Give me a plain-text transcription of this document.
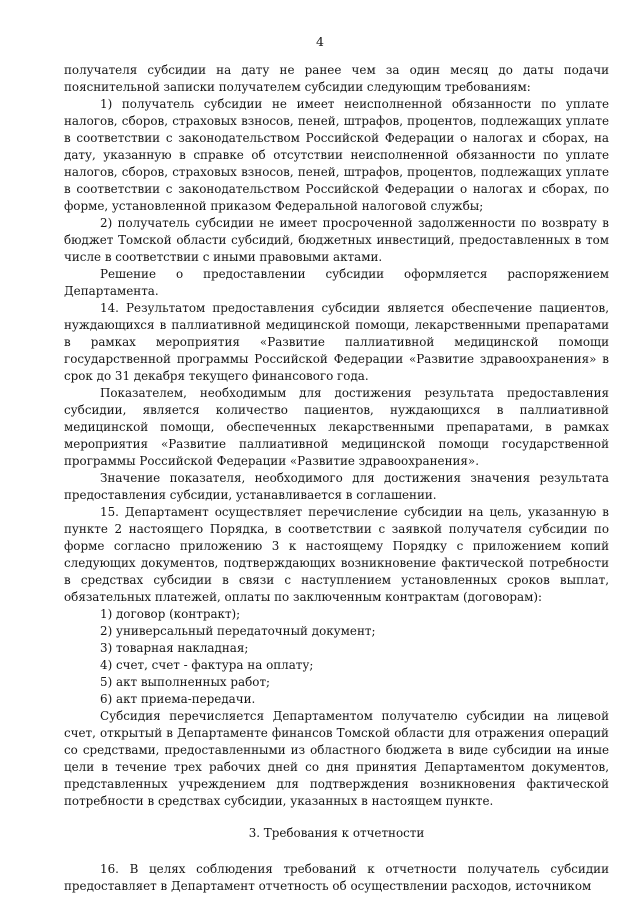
4

получателя субсидии на дату не ранее чем за один месяц до даты подачи пояснительной записки получателем субсидии следующим требованиям:

1) получатель субсидии не имеет неисполненной обязанности по уплате налогов, сборов, страховых взносов, пеней, штрафов, процентов, подлежащих уплате в соответствии с законодательством Российской Федерации о налогах и сборах, на дату, указанную в справке об отсутствии неисполненной обязанности по уплате налогов, сборов, страховых взносов, пеней, штрафов, процентов, подлежащих уплате в соответствии с законодательством Российской Федерации о налогах и сборах, по форме, установленной приказом Федеральной налоговой службы;

2) получатель субсидии не имеет просроченной задолженности по возврату в бюджет Томской области субсидий, бюджетных инвестиций, предоставленных в том числе в соответствии с иными правовыми актами.

Решение о предоставлении субсидии оформляется распоряжением Департамента.

14. Результатом предоставления субсидии является обеспечение пациентов, нуждающихся в паллиативной медицинской помощи, лекарственными препаратами в рамках мероприятия «Развитие паллиативной медицинской помощи государственной программы Российской Федерации «Развитие здравоохранения» в срок до 31 декабря текущего финансового года.

Показателем, необходимым для достижения результата предоставления субсидии, является количество пациентов, нуждающихся в паллиативной медицинской помощи, обеспеченных лекарственными препаратами, в рамках мероприятия «Развитие паллиативной медицинской помощи государственной программы Российской Федерации «Развитие здравоохранения».

Значение показателя, необходимого для достижения значения результата предоставления субсидии, устанавливается в соглашении.

15. Департамент осуществляет перечисление субсидии на цель, указанную в пункте 2 настоящего Порядка, в соответствии с заявкой получателя субсидии по форме согласно приложению 3 к настоящему Порядку с приложением копий следующих документов, подтверждающих возникновение фактической потребности в средствах субсидии в связи с наступлением установленных сроков выплат, обязательных платежей, оплаты по заключенным контрактам (договорам):

1) договор (контракт);

2) универсальный передаточный документ;

3) товарная накладная;

4) счет, счет - фактура на оплату;

5) акт выполненных работ;

6) акт приема-передачи.

Субсидия перечисляется Департаментом получателю субсидии на лицевой счет, открытый в Департаменте финансов Томской области для отражения операций со средствами, предоставленными из областного бюджета в виде субсидии на иные цели в течение трех рабочих дней со дня принятия Департаментом документов, представленных учреждением для подтверждения возникновения фактической потребности в средствах субсидии, указанных в настоящем пункте.

3. Требования к отчетности

16. В целях соблюдения требований к отчетности получатель субсидии предоставляет в Департамент отчетность об осуществлении расходов, источником
